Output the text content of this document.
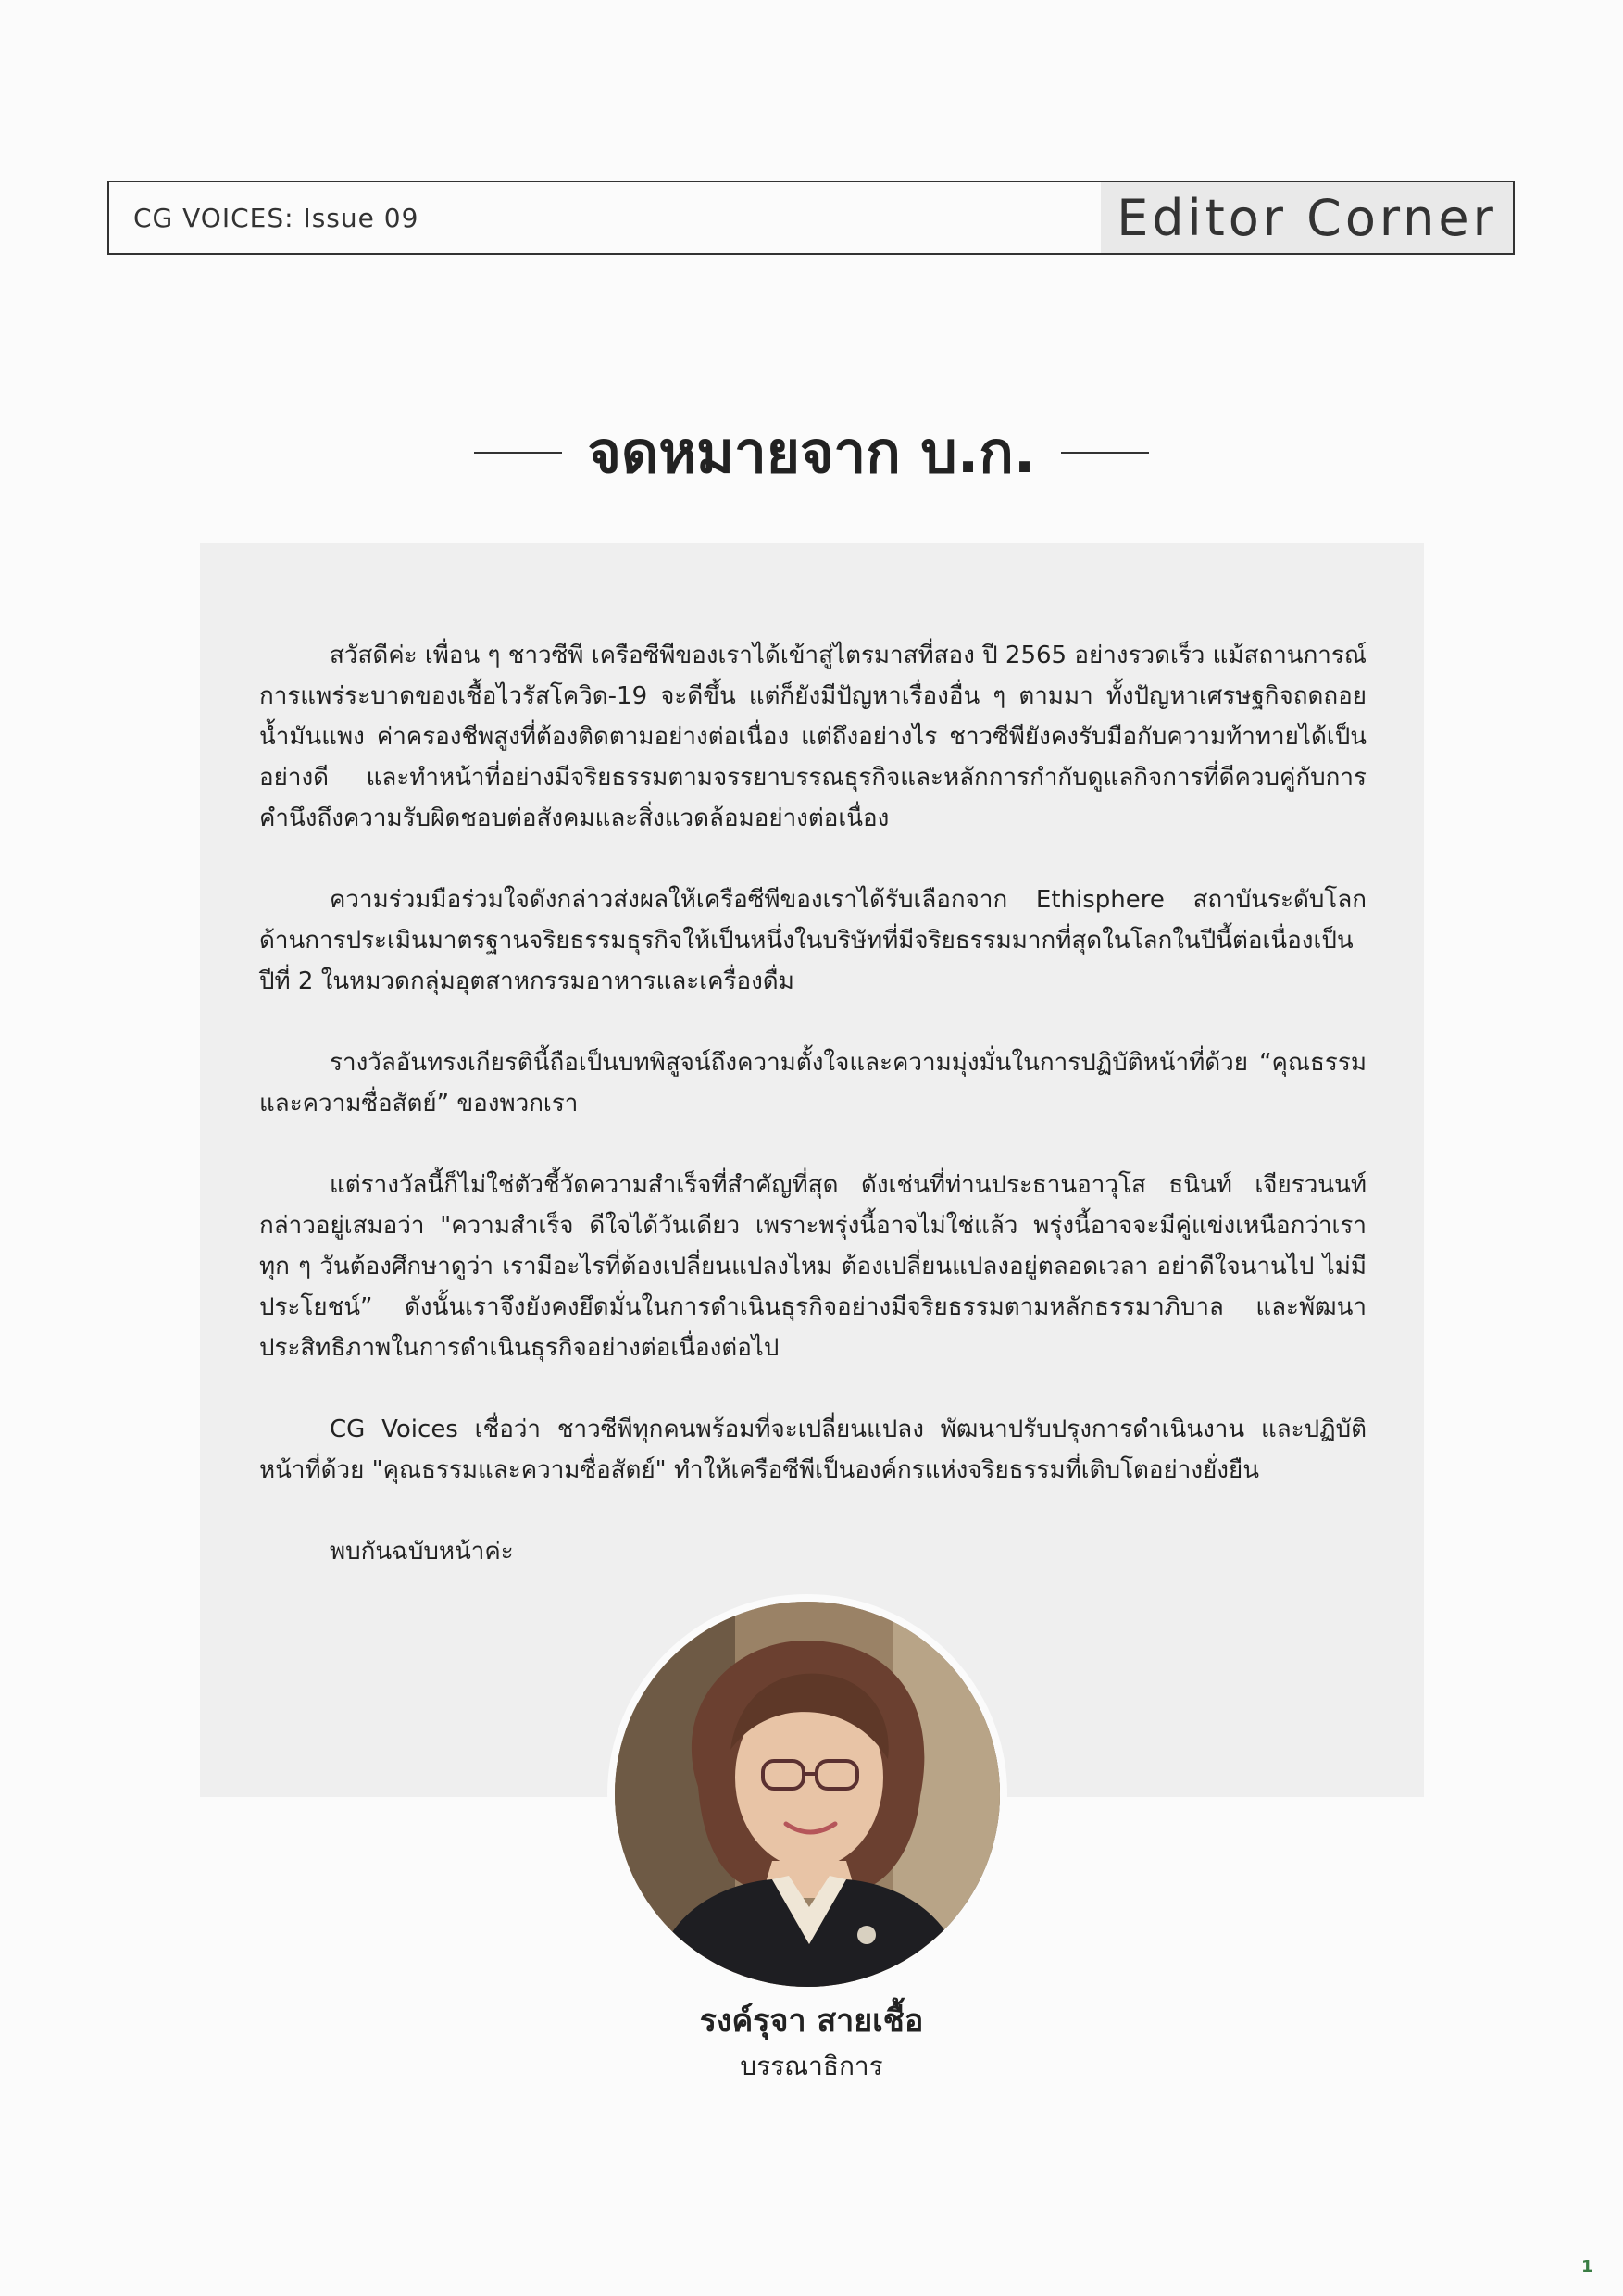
CG VOICES: Issue 09	Editor Corner
จดหมายจาก บ.ก.

สวัสดีค่ะ เพื่อน ๆ ชาวซีพี เครือซีพีของเราได้เข้าสู่ไตรมาสที่สอง ปี 2565 อย่างรวดเร็ว แม้สถานการณ์การแพร่ระบาดของเชื้อไวรัสโควิด-19 จะดีขึ้น แต่ก็ยังมีปัญหาเรื่องอื่น ๆ ตามมา ทั้งปัญหาเศรษฐกิจถดถอย น้ำมันแพง ค่าครองชีพสูงที่ต้องติดตามอย่างต่อเนื่อง แต่ถึงอย่างไร ชาวซีพียังคงรับมือกับความท้าทายได้เป็นอย่างดี และทำหน้าที่อย่างมีจริยธรรมตามจรรยาบรรณธุรกิจและหลักการกำกับดูแลกิจการที่ดีควบคู่กับการคำนึงถึงความรับผิดชอบต่อสังคมและสิ่งแวดล้อมอย่างต่อเนื่อง

ความร่วมมือร่วมใจดังกล่าวส่งผลให้เครือซีพีของเราได้รับเลือกจาก Ethisphere สถาบันระดับโลกด้านการประเมินมาตรฐานจริยธรรมธุรกิจให้เป็นหนึ่งในบริษัทที่มีจริยธรรมมากที่สุดในโลกในปีนี้ต่อเนื่องเป็นปีที่ 2 ในหมวดกลุ่มอุตสาหกรรมอาหารและเครื่องดื่ม

รางวัลอันทรงเกียรตินี้ถือเป็นบทพิสูจน์ถึงความตั้งใจและความมุ่งมั่นในการปฏิบัติหน้าที่ด้วย “คุณธรรมและความซื่อสัตย์” ของพวกเรา

แต่รางวัลนี้ก็ไม่ใช่ตัวชี้วัดความสำเร็จที่สำคัญที่สุด ดังเช่นที่ท่านประธานอาวุโส ธนินท์ เจียรวนนท์ กล่าวอยู่เสมอว่า "ความสำเร็จ ดีใจได้วันเดียว เพราะพรุ่งนี้อาจไม่ใช่แล้ว พรุ่งนี้อาจจะมีคู่แข่งเหนือกว่าเรา ทุก ๆ วันต้องศึกษาดูว่า เรามีอะไรที่ต้องเปลี่ยนแปลงไหม ต้องเปลี่ยนแปลงอยู่ตลอดเวลา อย่าดีใจนานไป ไม่มีประโยชน์” ดังนั้นเราจึงยังคงยึดมั่นในการดำเนินธุรกิจอย่างมีจริยธรรมตามหลักธรรมาภิบาล และพัฒนาประสิทธิภาพในการดำเนินธุรกิจอย่างต่อเนื่องต่อไป

CG Voices เชื่อว่า ชาวซีพีทุกคนพร้อมที่จะเปลี่ยนแปลง พัฒนาปรับปรุงการดำเนินงาน และปฏิบัติหน้าที่ด้วย "คุณธรรมและความซื่อสัตย์" ทำให้เครือซีพีเป็นองค์กรแห่งจริยธรรมที่เติบโตอย่างยั่งยืน

พบกันฉบับหน้าค่ะ

รงค์รุจา สายเชื้อ
บรรณาธิการ
1
